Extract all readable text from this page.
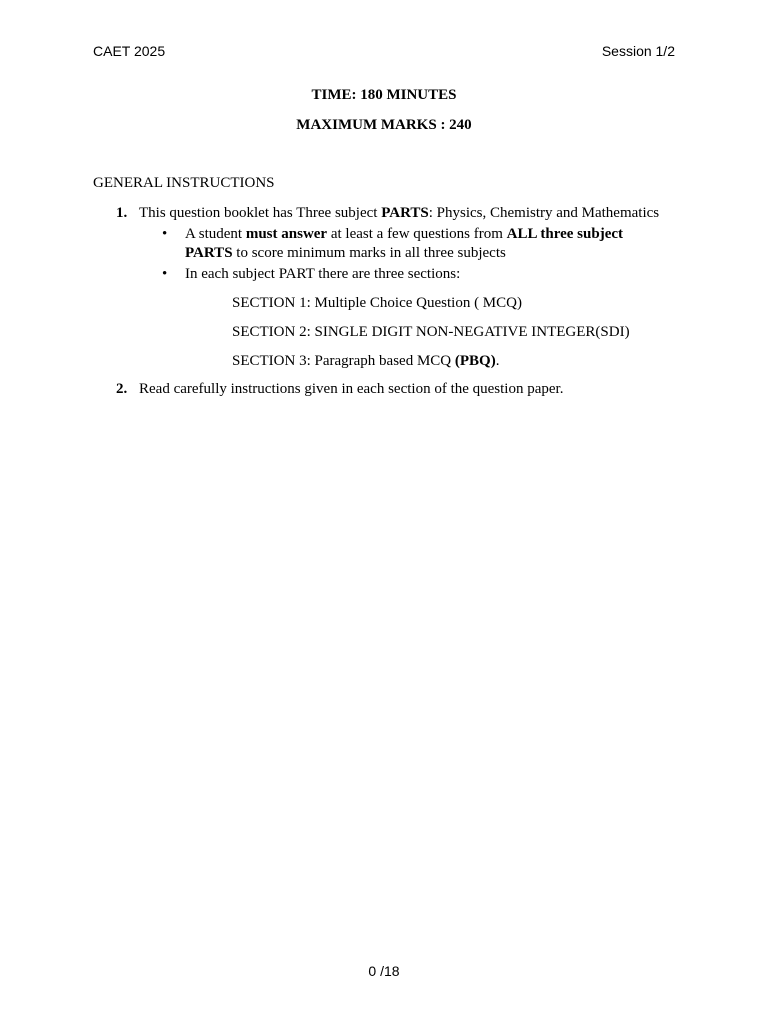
CAET 2025	Session 1/2
TIME: 180 MINUTES
MAXIMUM MARKS : 240
GENERAL INSTRUCTIONS
1. This question booklet has Three subject PARTS: Physics, Chemistry and Mathematics
• A student must answer at least a few questions from ALL three subject PARTS to score minimum marks in all three subjects
• In each subject PART there are three sections:
SECTION 1: Multiple Choice Question ( MCQ)
SECTION 2: SINGLE DIGIT NON-NEGATIVE INTEGER(SDI)
SECTION 3: Paragraph based MCQ (PBQ).
2. Read carefully instructions given in each section of the question paper.
0 /18
